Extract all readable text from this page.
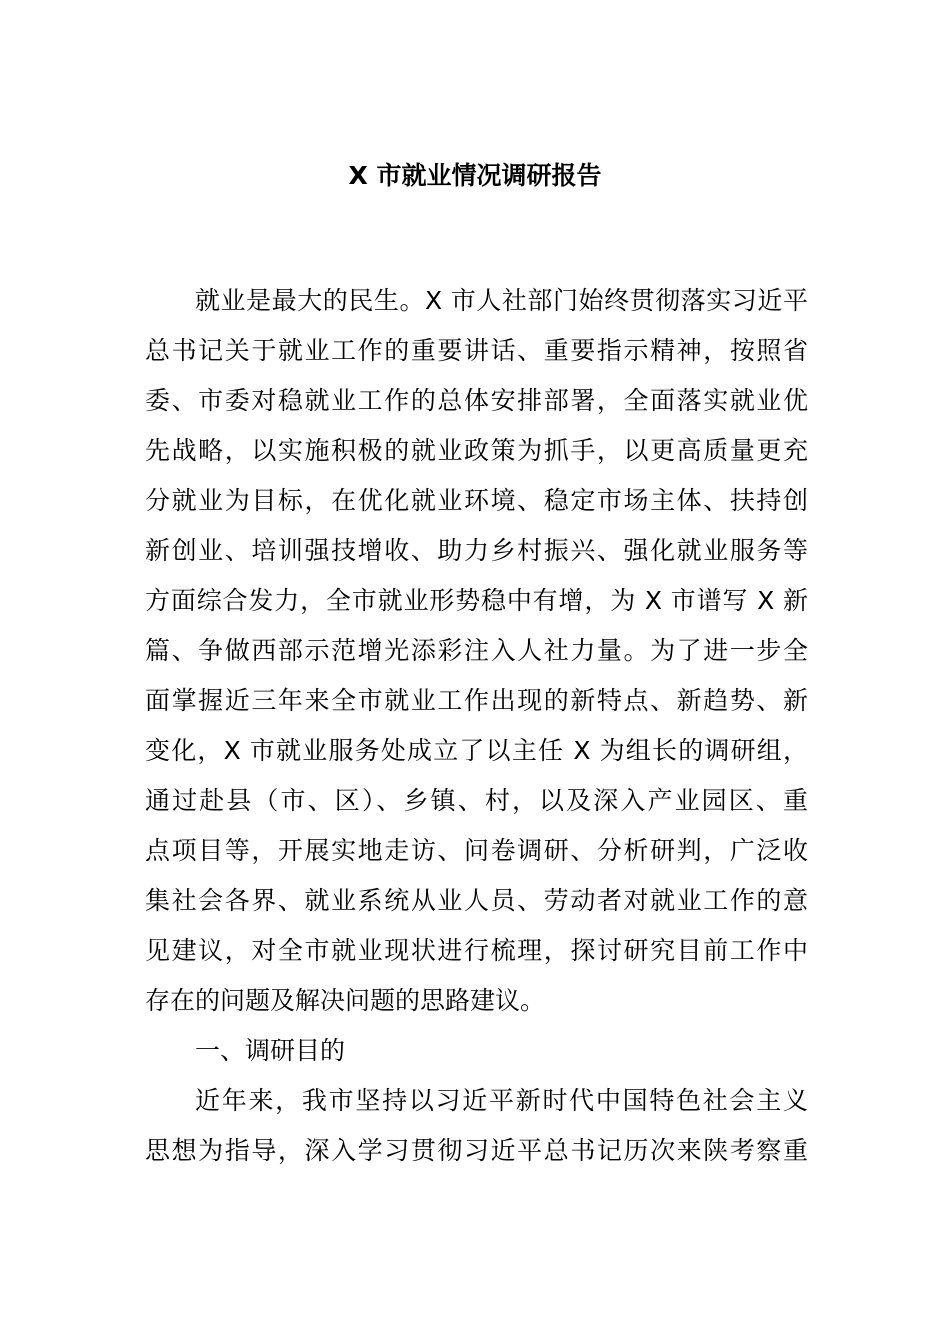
X 市就业情况调研报告
就业是最大的民生。X 市人社部门始终贯彻落实习近平
总书记关于就业工作的重要讲话、重要指示精神，按照省
委、市委对稳就业工作的总体安排部署，全面落实就业优
先战略，以实施积极的就业政策为抓手，以更高质量更充
分就业为目标，在优化就业环境、稳定市场主体、扶持创
新创业、培训强技增收、助力乡村振兴、强化就业服务等
方面综合发力，全市就业形势稳中有增，为 X 市谱写 X 新
篇、争做西部示范增光添彩注入人社力量。为了进一步全
面掌握近三年来全市就业工作出现的新特点、新趋势、新
变化，X 市就业服务处成立了以主任 X 为组长的调研组，
通过赴县（市、区）、乡镇、村，以及深入产业园区、重
点项目等，开展实地走访、问卷调研、分析研判，广泛收
集社会各界、就业系统从业人员、劳动者对就业工作的意
见建议，对全市就业现状进行梳理，探讨研究目前工作中
存在的问题及解决问题的思路建议。
一、调研目的
近年来，我市坚持以习近平新时代中国特色社会主义
思想为指导，深入学习贯彻习近平总书记历次来陕考察重
